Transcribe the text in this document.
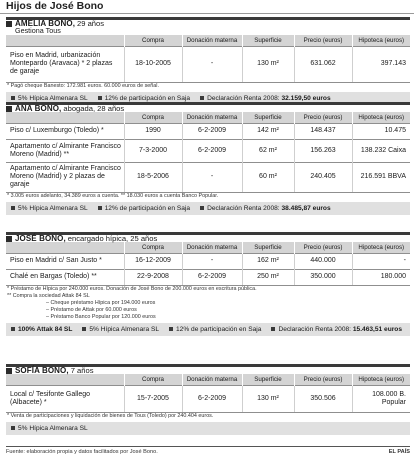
Hijos de José Bono
AMELIA BONO, 29 años
Gestiona Tous
	Compra	Donación materna	Superficie	Precio (euros)	Hipoteca (euros)
Piso en Madrid, urbanización Montepardo (Aravaca) * 2 plazas de garaje	18-10-2005	-	130 m²	631.062	397.143
* Pagó cheque Banesto: 172.981 euros. 60.000 euros de señal.
5% Hípica Almenara SL	12% de participación en Saja	Declaración Renta 2008: 32.159,50 euros
ANA BONO, abogada, 28 años
	Compra	Donación materna	Superficie	Precio (euros)	Hipoteca (euros)
Piso c/ Luxemburgo (Toledo) *	1990	6-2-2009	142 m²	148.437	10.475
Apartamento c/ Almirante Francisco Moreno (Madrid) **	7-3-2000	6-2-2009	62 m²	156.263	138.232 Caixa
Apartamento c/ Almirante Francisco Moreno (Madrid) y 2 plazas de garaje	18-5-2006	-	60 m²	240.405	216.591 BBVA
* 3.005 euros adelanto, 34.389 euros a cuenta. ** 18.030 euros a cuenta Banco Popular.
5% Hípica Almenara SL	12% de participación en Saja	Declaración Renta 2008: 38.485,87 euros
JOSÉ BONO, encargado hípica, 25 años
	Compra	Donación materna	Superficie	Precio (euros)	Hipoteca (euros)
Piso en Madrid c/ San Justo *	16-12-2009	-	162 m²	440.000	-
Chalé en Bargas (Toledo) **	22-9-2008	6-2-2009	250 m²	350.000	180.000
* Préstamo de Hípica por 240.000 euros. Donación de José Bono de 200.000 euros en escritura pública.
** Compra la sociedad Attak 84 SL
– Cheque préstamo Hípica por 194.000 euros
– Préstamo de Attak por 60.000 euros
– Préstamo Banco Popular por 120.000 euros
100% Attak 84 SL	5% Hípica Almenara SL	12% de participación en Saja	Declaración Renta 2008: 15.463,51 euros
SOFÍA BONO, 7 años
	Compra	Donación materna	Superficie	Precio (euros)	Hipoteca (euros)
Local c/ Tesifonte Gallego (Albacete) *	15-7-2005	6-2-2009	130 m²	350.506	108.000 B. Popular
* Venta de participaciones y liquidación de bienes de Tous (Toledo) por 240.404 euros.
5% Hípica Almenara SL
Fuente: elaboración propia y datos facilitados por José Bono.	EL PAÍS
